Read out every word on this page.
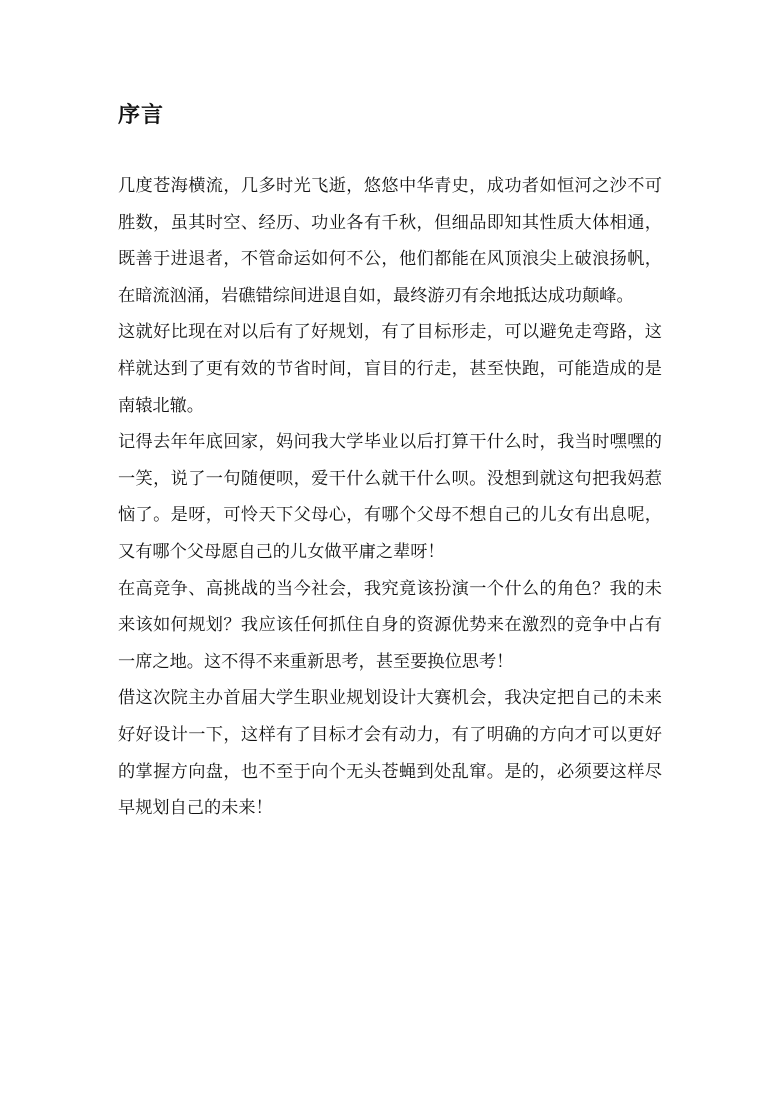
序言

几度苍海横流，几多时光飞逝，悠悠中华青史，成功者如恒河之沙不可胜数，虽其时空、经历、功业各有千秋，但细品即知其性质大体相通，既善于进退者，不管命运如何不公，他们都能在风顶浪尖上破浪扬帆，在暗流汹涌，岩礁错综间进退自如，最终游刃有余地抵达成功颠峰。

这就好比现在对以后有了好规划，有了目标形走，可以避免走弯路，这样就达到了更有效的节省时间，盲目的行走，甚至快跑，可能造成的是南辕北辙。

记得去年年底回家，妈问我大学毕业以后打算干什么时，我当时嘿嘿的一笑，说了一句随便呗，爱干什么就干什么呗。没想到就这句把我妈惹恼了。是呀，可怜天下父母心，有哪个父母不想自己的儿女有出息呢，又有哪个父母愿自己的儿女做平庸之辈呀！

在高竞争、高挑战的当今社会，我究竟该扮演一个什么的角色？我的未来该如何规划？我应该任何抓住自身的资源优势来在激烈的竞争中占有一席之地。这不得不来重新思考，甚至要换位思考！

借这次院主办首届大学生职业规划设计大赛机会，我决定把自己的未来好好设计一下，这样有了目标才会有动力，有了明确的方向才可以更好的掌握方向盘，也不至于向个无头苍蝇到处乱窜。是的，必须要这样尽早规划自己的未来！
